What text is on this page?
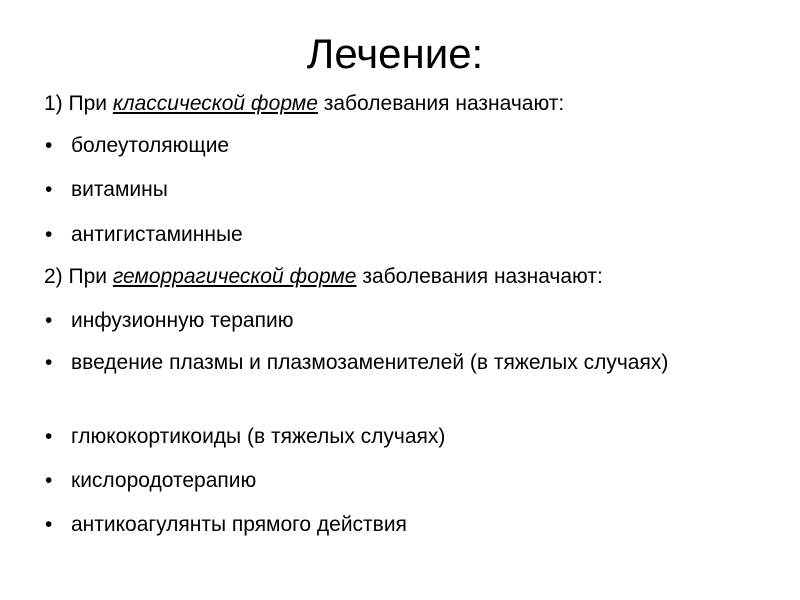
Лечение:
1) При классической форме заболевания назначают:
• болеутоляющие
• витамины
• антигистаминные
2) При геморрагической форме заболевания назначают:
• инфузионную терапию
• введение плазмы и плазмозаменителей (в тяжелых случаях)
• глюкокортикоиды (в тяжелых случаях)
• кислородотерапию
• антикоагулянты прямого действия
